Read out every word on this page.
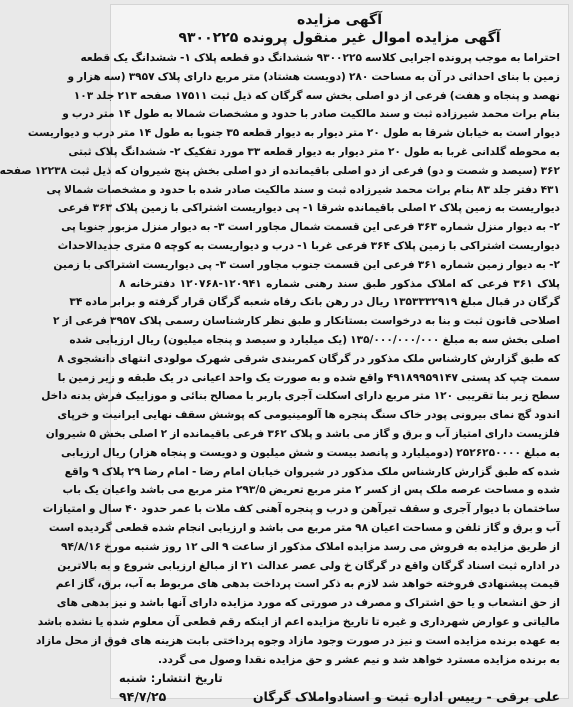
آگهی مزایده
آگهی مزایده اموال غیر منقول پرونده ۹۳۰۰۲۲۵
احتراما به موجب پرونده اجرایی کلاسه ۹۳۰۰۲۲۵ ششدانگ دو قطعه پلاک ۱- ششدانگ یک قطعه
زمین با بنای احداثی در آن به مساحت ۲۸۰ (دویست هشتاد) متر مربع دارای پلاک ۳۹۵۷ (سه هزار و
نهصد و پنجاه و هفت) فرعی از دو اصلی بخش سه گرگان که ذیل ثبت ۱۷۵۱۱ صفحه ۲۱۳ جلد ۱۰۳
بنام برات محمد شیرزاده ثبت و سند مالکیت صادر با حدود و مشخصات شمالا به طول ۱۴ متر درب و
دیوار است به خیابان شرقا به طول ۲۰ متر دیوار به دیوار قطعه ۳۵ جنوبا به طول ۱۴ متر درب و دیواریست
به محوطه گلدانی غربا به طول ۲۰ متر دیوار به دیوار قطعه ۳۳ مورد تفکیک ۲- ششدانگ پلاک ثبتی
۳۶۲ (سیصد و شصت و دو) فرعی از دو اصلی باقیمانده از دو اصلی بخش پنج شیروان که ذیل ثبت ۱۲۲۳۸ صفحه
۴۳۱ دفتر جلد ۸۳ بنام برات محمد شیرزاده ثبت و سند مالکیت صادر شده با حدود و مشخصات شمالا پی
دیواریست به زمین پلاک ۲ اصلی باقیمانده شرقا ۱- پی دیواریست اشتراکی با زمین پلاک ۳۶۳ فرعی
۲- به دیوار منزل شماره ۳۶۳ فرعی این قسمت شمال مجاور است ۳- به دیوار منزل مزبور جنوبا پی
دیواریست اشتراکی با زمین پلاک ۳۶۴ فرعی غربا ۱- درب و دیواریست به کوچه ۵ متری جدیدالاحداث
۲- به دیوار زمین شماره ۳۶۱ فرعی این قسمت جنوب مجاور است ۳- پی دیواریست اشتراکی با زمین
پلاک ۳۶۱ فرعی که املاک مذکور طبق سند رهنی شماره ۱۲۰۹۴۱-۱۲۰۷۶۸ دفترخانه ۸
گرگان در قبال مبلغ ۱۳۵۳۳۳۲۹۱۹ ریال در رهن بانک رفاه شعبه گرگان قرار گرفته و برابر ماده ۳۴
اصلاحی قانون ثبت و بنا به درخواست بستانکار و طبق نظر کارشناسان رسمی پلاک ۳۹۵۷ فرعی از ۲
اصلی بخش سه به مبلغ ۱۳۵/۰۰۰/۰۰۰/۰۰۰ (یک میلیارد و سیصد و پنجاه میلیون) ریال ارزیابی شده
که طبق گزارش کارشناس ملک مذکور در گرگان کمربندی شرقی شهرک مولودی انتهای دانشجوی ۸
سمت چپ کد پستی ۴۹۱۸۹۹۵۹۱۴۷ واقع شده و به صورت یک واحد اعیانی در یک طبقه و زیر زمین با
سطح زیر بنا تقریبی ۱۲۰ متر مربع دارای اسکلت آجری باربر با مصالح بنائی و موزاییک فرش بدنه داخل
اندود گچ نمای بیرونی پودر خاک سنگ پنجره ها آلومینیومی که پوشش سقف نهایی ایرانیت و خرپای
فلزیست دارای امتیاز آب و برق و گاز می باشد و پلاک ۳۶۲ فرعی باقیمانده از ۲ اصلی بخش ۵ شیروان
به مبلغ ۲۵۲۶۲۵۰۰۰۰ (دومیلیارد و پانصد بیست و شش میلیون و دویست و پنجاه هزار) ریال ارزیابی
شده که طبق گزارش کارشناس ملک مذکور در شیروان خیابان امام رضا - امام رضا ۲۹ پلاک ۹ واقع
شده و مساحت عرصه ملک پس از کسر ۲ متر مربع تعریض ۲۹۳/۵ متر مربع می باشد واعیان یک باب
ساختمان با دیوار آجری و سقف تیرآهن و درب و پنجره آهنی کف ملات با عمر حدود ۴۰ سال و امتیازات
آب و برق و گاز تلفن و مساحت اعیان ۹۸ متر مربع می باشد و ارزیابی انجام شده قطعی گردیده است
از طریق مزایده به فروش می رسد مزایده املاک مذکور از ساعت ۹ الی ۱۲ روز شنبه مورخ ۹۴/۸/۱۶
در اداره ثبت اسناد گرگان واقع در گرگان خ ولی عصر عدالت ۲۱ از مبالغ ارزیابی شروع و به بالاترین
قیمت پیشنهادی فروخته خواهد شد لازم به ذکر است پرداخت بدهی های مربوط به آب، برق، گاز اعم
از حق انشعاب و یا حق اشتراک و مصرف در صورتی که مورد مزایده دارای آنها باشد و نیز بدهی های
مالیاتی و عوارض شهرداری و غیره تا تاریخ مزایده اعم از اینکه رقم قطعی آن معلوم شده یا نشده باشد
به عهده برنده مزایده است و نیز در صورت وجود مازاد وجوه پرداختی بابت هزینه های فوق از محل مازاد
به برنده مزایده مسترد خواهد شد و نیم عشر و حق مزایده نقدا وصول می گردد.
تاریخ انتشار: شنبه
علی برقی - رییس اداره ثبت و اسنادواملاک گرگان
۹۴/۷/۲۵
